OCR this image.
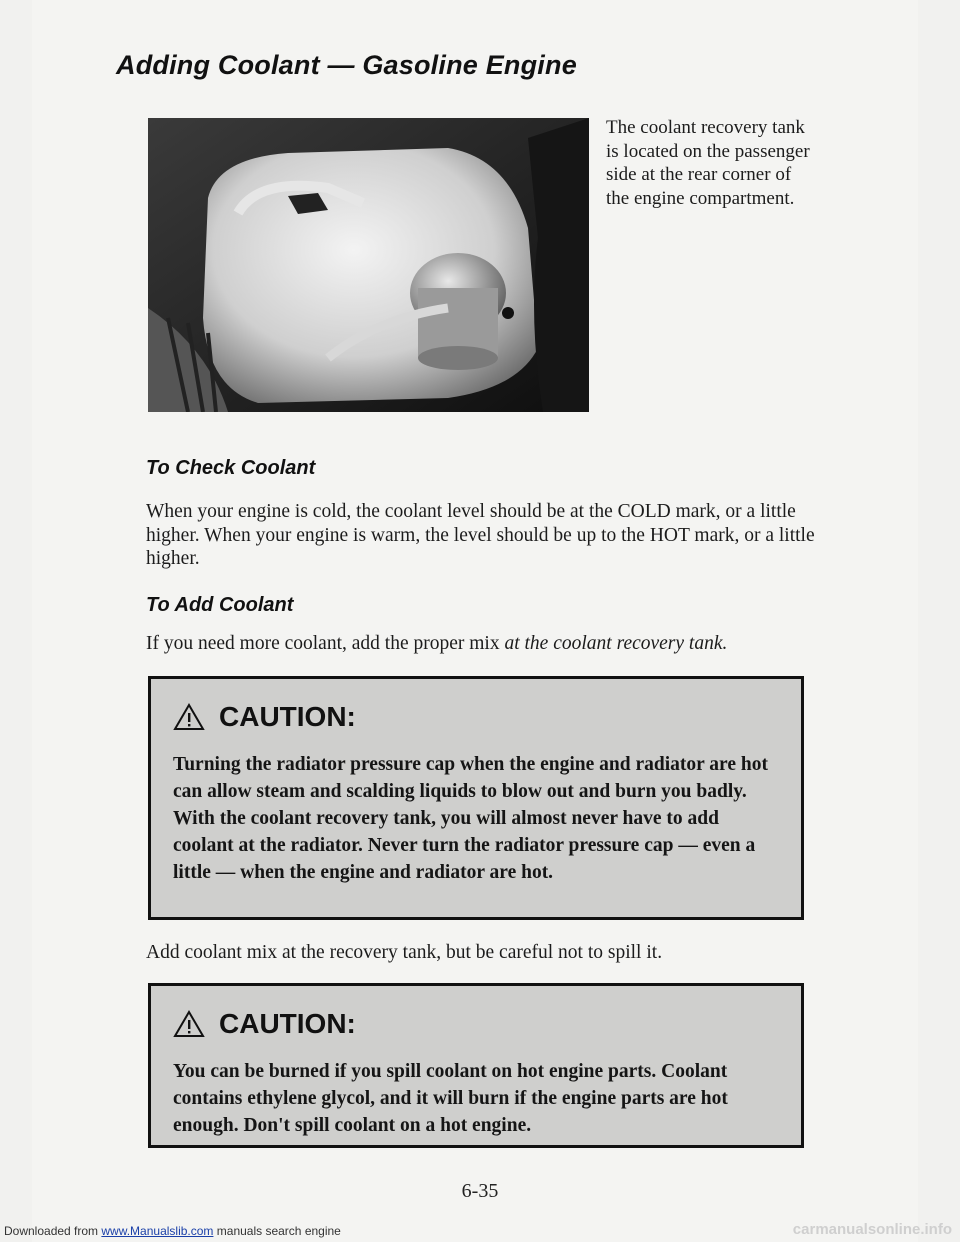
Adding Coolant — Gasoline Engine
The coolant recovery tank is located on the passenger side at the rear corner of the engine compartment.
To Check Coolant
When your engine is cold, the coolant level should be at the COLD mark, or a little higher. When your engine is warm, the level should be up to the HOT mark, or a little higher.
To Add Coolant
If you need more coolant, add the proper mix at the coolant recovery tank.
CAUTION:
Turning the radiator pressure cap when the engine and radiator are hot can allow steam and scalding liquids to blow out and burn you badly. With the coolant recovery tank, you will almost never have to add coolant at the radiator. Never turn the radiator pressure cap — even a little — when the engine and radiator are hot.
Add coolant mix at the recovery tank, but be careful not to spill it.
CAUTION:
You can be burned if you spill coolant on hot engine parts. Coolant contains ethylene glycol, and it will burn if the engine parts are hot enough. Don't spill coolant on a hot engine.
6-35
Downloaded from www.Manualslib.com manuals search engine	carmanualsonline.info
